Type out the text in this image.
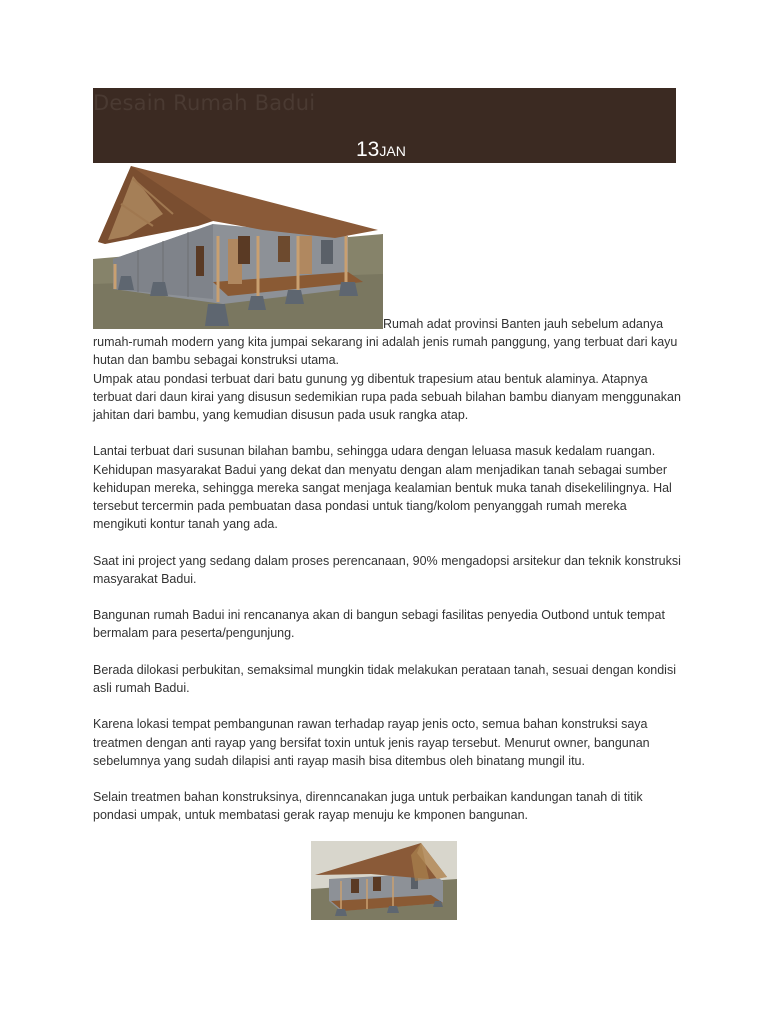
Desain Rumah Badui
13JAN

Rumah adat provinsi Banten jauh sebelum adanya
rumah-rumah modern yang kita jumpai sekarang ini adalah jenis rumah panggung, yang terbuat dari kayu hutan dan bambu sebagai konstruksi utama.

Umpak atau pondasi terbuat dari batu gunung yg dibentuk trapesium atau bentuk alaminya. Atapnya terbuat dari daun kirai yang disusun sedemikian rupa pada sebuah bilahan bambu dianyam menggunakan jahitan dari bambu, yang kemudian disusun pada usuk rangka atap.

Lantai terbuat dari susunan bilahan bambu, sehingga udara dengan leluasa masuk kedalam ruangan. Kehidupan masyarakat Badui yang dekat dan menyatu dengan alam menjadikan tanah sebagai sumber kehidupan mereka, sehingga mereka sangat menjaga kealamian bentuk muka tanah disekelilingnya. Hal tersebut tercermin pada pembuatan dasa pondasi untuk tiang/kolom penyanggah rumah mereka mengikuti kontur tanah yang ada.

Saat ini project yang sedang dalam proses perencanaan, 90% mengadopsi arsitekur dan teknik konstruksi masyarakat Badui.

Bangunan rumah Badui ini rencananya akan di bangun sebagi fasilitas penyedia Outbond untuk tempat bermalam para peserta/pengunjung.

Berada dilokasi perbukitan, semaksimal mungkin tidak melakukan perataan tanah, sesuai dengan kondisi asli rumah Badui.

Karena lokasi tempat pembangunan rawan terhadap rayap jenis octo, semua bahan konstruksi saya treatmen dengan anti rayap yang bersifat toxin untuk jenis rayap tersebut. Menurut owner, bangunan sebelumnya yang sudah dilapisi anti rayap masih bisa ditembus oleh binatang mungil itu.

Selain treatmen bahan konstruksinya, direnncanakan juga untuk perbaikan kandungan tanah di titik pondasi umpak, untuk membatasi gerak rayap menuju ke kmponen bangunan.
